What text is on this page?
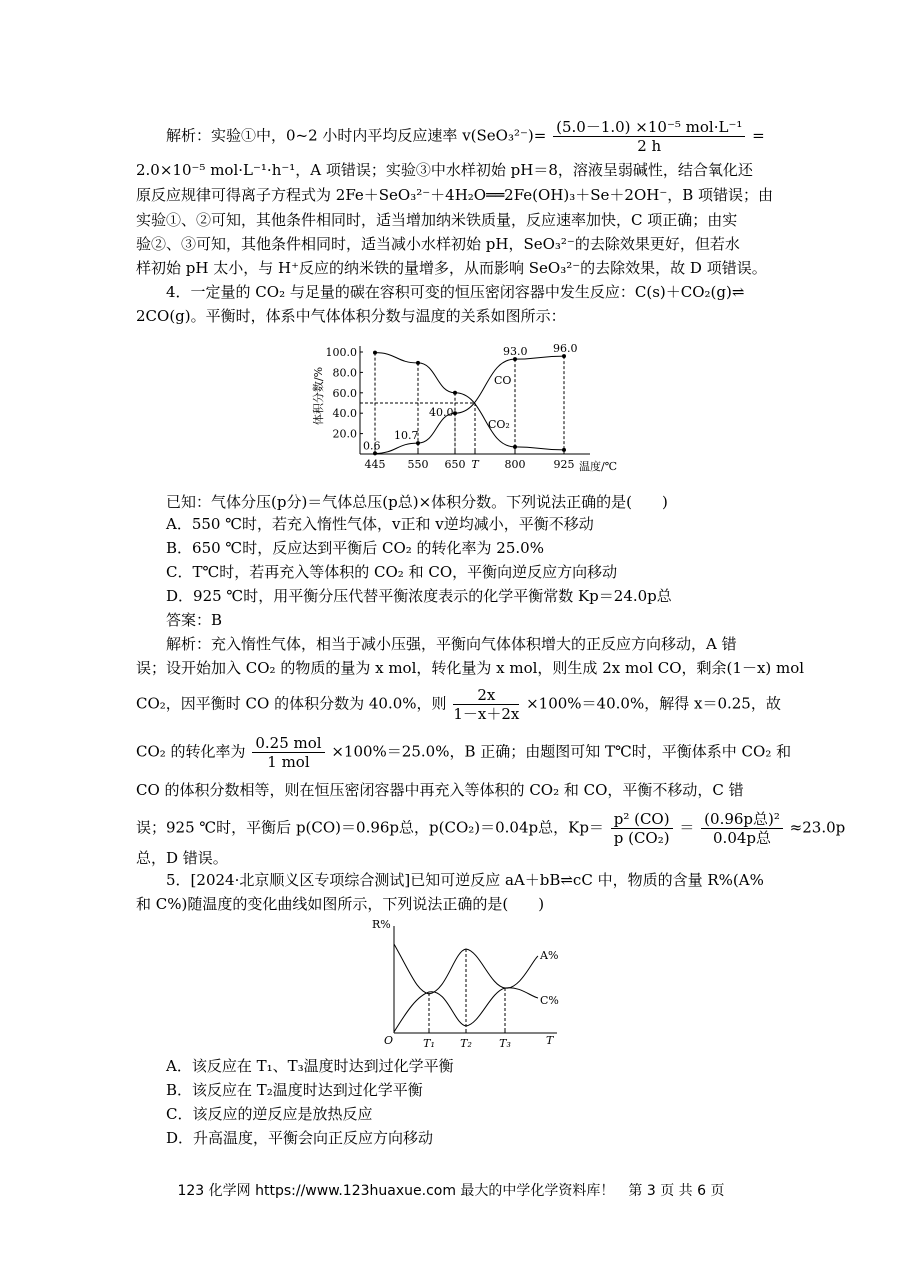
解析：实验①中，0~2 小时内平均反应速率 $v(SeO_3^{2-})= \frac{\text{(5.0－1.0) ×10⁻⁵ mol·L⁻¹}}{2 h}$ =
2.0×10⁻⁵ mol·L⁻¹·h⁻¹，A 项错误；实验③中水样初始 pH＝8，溶液呈弱碱性，结合氧化还
原反应规律可得离子方程式为 2Fe＋SeO₃²⁻＋4H₂O══2Fe(OH)₃＋Se＋2OH⁻，B 项错误；由
实验①、②可知，其他条件相同时，适当增加纳米铁质量，反应速率加快，C 项正确；由实
验②、③可知，其他条件相同时，适当减小水样初始 pH，SeO₃²⁻的去除效果更好，但若水
样初始 pH 太小，与 H⁺反应的纳米铁的量增多，从而影响 SeO₃²⁻的去除效果，故 D 项错误。
4．一定量的 CO₂ 与足量的碳在容积可变的恒压密闭容器中发生反应：C(s)＋CO₂(g)⇌
2CO(g)。平衡时，体系中气体体积分数与温度的关系如图所示：
20.0
40.0
60.0
80.0
100.0
体积分数/%
445 550 650 T 800	925 温度/℃
0.6
10.7
40.0
93.0 96.0
CO
CO₂
已知：气体分压(p分)＝气体总压(p总)×体积分数。下列说法正确的是(　　)
A．550 ℃时，若充入惰性气体，v正和 v逆均减小，平衡不移动
B．650 ℃时，反应达到平衡后 CO₂ 的转化率为 25.0%
C．T℃时，若再充入等体积的 CO₂ 和 CO，平衡向逆反应方向移动
D．925 ℃时，用平衡分压代替平衡浓度表示的化学平衡常数 Kp＝24.0p总
答案：B
解析：充入惰性气体，相当于减小压强，平衡向气体体积增大的正反应方向移动，A 错
误；设开始加入 CO₂ 的物质的量为 x mol，转化量为 x mol，则生成 2x mol CO，剩余(1－x) mol
CO₂，因平衡时 CO 的体积分数为 40.0%，则 $\frac{2x}{1-x+2x} \times 100\%=40.0\%$，解得 x＝0.25，故
CO₂ 的转化率为 $\frac{\text{0.25 mol}}{\text{1 mol}} \times 100\%=25.0\%$，B 正确；由题图可知 T℃时，平衡体系中 CO₂ 和
CO 的体积分数相等，则在恒压密闭容器中再充入等体积的 CO₂ 和 CO，平衡不移动，C 错
误；925 ℃时，平衡后 p(CO)＝0.96p总，p(CO₂)＝0.04p总，$Kp= \frac{\text{p² (CO)}}{\text{p (CO₂)}} = \frac{\text{(0.96p总)²}}{\text{0.04p总}} \approx 23.0p$
总，D 错误。
5．[2024·北京顺义区专项综合测试]已知可逆反应 aA＋bB⇌cC 中，物质的含量 R%(A%
和 C%)随温度的变化曲线如图所示，下列说法正确的是(　　)
R%
O	T
T₁ T₂ T₃
A%
C%
A．该反应在 T₁、T₃温度时达到过化学平衡
B．该反应在 T₂温度时达到过化学平衡
C．该反应的逆反应是放热反应
D．升高温度，平衡会向正反应方向移动
123 化学网 https://www.123huaxue.com 最大的中学化学资料库！　第 3 页 共 6 页
